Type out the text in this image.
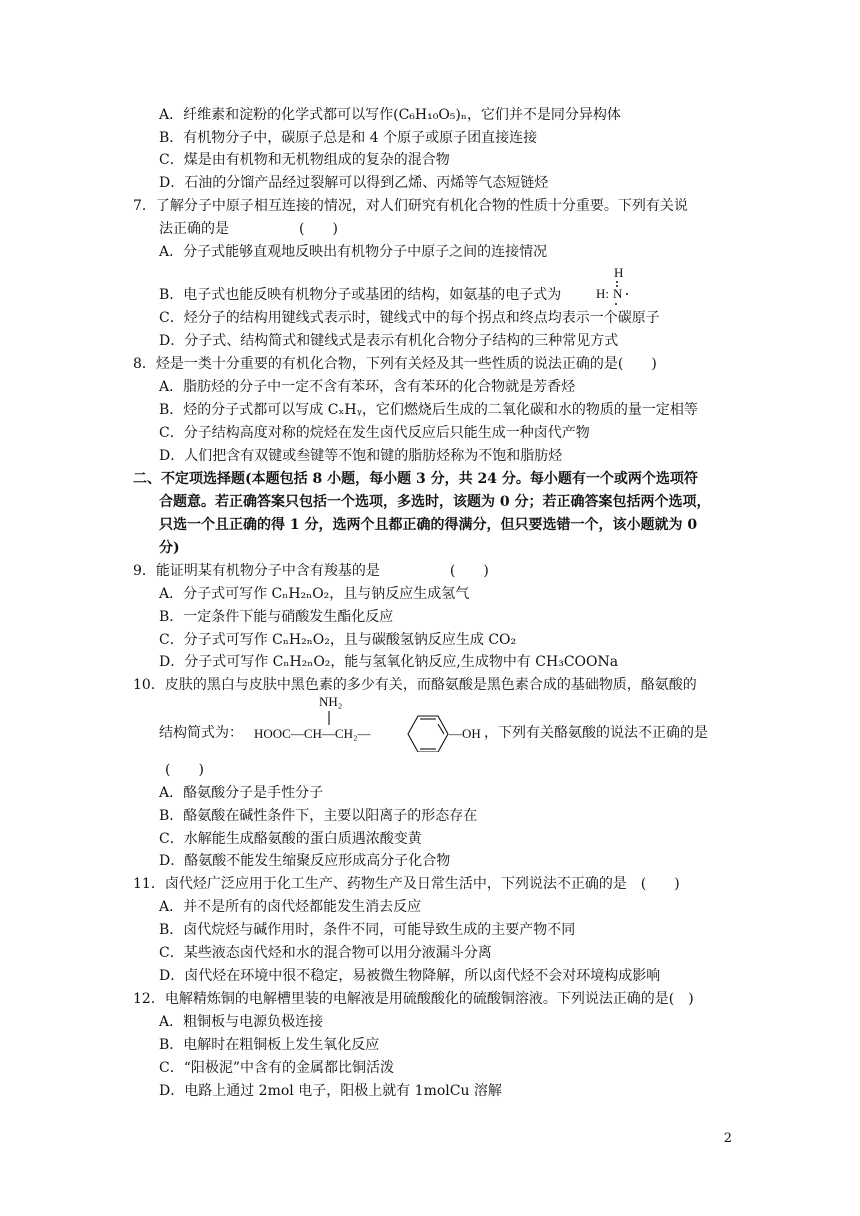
A．纤维素和淀粉的化学式都可以写作(C₆H₁₀O₅)ₙ，它们并不是同分异构体
B．有机物分子中，碳原子总是和 4 个原子或原子团直接连接
C．煤是由有机物和无机物组成的复杂的混合物
D．石油的分馏产品经过裂解可以得到乙烯、丙烯等气态短链烃
7．了解分子中原子相互连接的情况，对人们研究有机化合物的性质十分重要。下列有关说
法正确的是　　　　　(　　)
A．分子式能够直观地反映出有机物分子中原子之间的连接情况
B．电子式也能反映有机物分子或基团的结构，如氨基的电子式为
H
H: N
C．烃分子的结构用键线式表示时，键线式中的每个拐点和终点均表示一个碳原子
D．分子式、结构简式和键线式是表示有机化合物分子结构的三种常见方式
8．烃是一类十分重要的有机化合物，下列有关烃及其一些性质的说法正确的是(　　)
A．脂肪烃的分子中一定不含有苯环，含有苯环的化合物就是芳香烃
B．烃的分子式都可以写成 CₓHᵧ，它们燃烧后生成的二氧化碳和水的物质的量一定相等
C．分子结构高度对称的烷烃在发生卤代反应后只能生成一种卤代产物
D．人们把含有双键或叁键等不饱和键的脂肪烃称为不饱和脂肪烃
二、不定项选择题(本题包括 8 小题，每小题 3 分，共 24 分。每小题有一个或两个选项符
合题意。若正确答案只包括一个选项，多选时，该题为 0 分；若正确答案包括两个选项，
只选一个且正确的得 1 分，选两个且都正确的得满分，但只要选错一个，该小题就为 0
分)
9．能证明某有机物分子中含有羧基的是　　　　　(　　)
A．分子式可写作 CₙH₂ₙO₂，且与钠反应生成氢气
B．一定条件下能与硝酸发生酯化反应
C．分子式可写作 CₙH₂ₙO₂，且与碳酸氢钠反应生成 CO₂
D．分子式可写作 CₙH₂ₙO₂，能与氢氧化钠反应,生成物中有 CH₃COONa
10．皮肤的黑白与皮肤中黑色素的多少有关，而酪氨酸是黑色素合成的基础物质，酪氨酸的
结构简式为：
NH₂
HOOC—CH—CH₂—	—OH ，下列有关酪氨酸的说法不正确的是
(　　)
A．酪氨酸分子是手性分子
B．酪氨酸在碱性条件下，主要以阳离子的形态存在
C．水解能生成酪氨酸的蛋白质遇浓酸变黄
D．酪氨酸不能发生缩聚反应形成高分子化合物
11．卤代烃广泛应用于化工生产、药物生产及日常生活中，下列说法不正确的是　(　　)
A．并不是所有的卤代烃都能发生消去反应
B．卤代烷烃与碱作用时，条件不同，可能导致生成的主要产物不同
C．某些液态卤代烃和水的混合物可以用分液漏斗分离
D．卤代烃在环境中很不稳定，易被微生物降解，所以卤代烃不会对环境构成影响
12．电解精炼铜的电解槽里装的电解液是用硫酸酸化的硫酸铜溶液。下列说法正确的是(　)
A．粗铜板与电源负极连接
B．电解时在粗铜板上发生氧化反应
C．“阳极泥”中含有的金属都比铜活泼
D．电路上通过 2mol 电子，阳极上就有 1molCu 溶解
2
